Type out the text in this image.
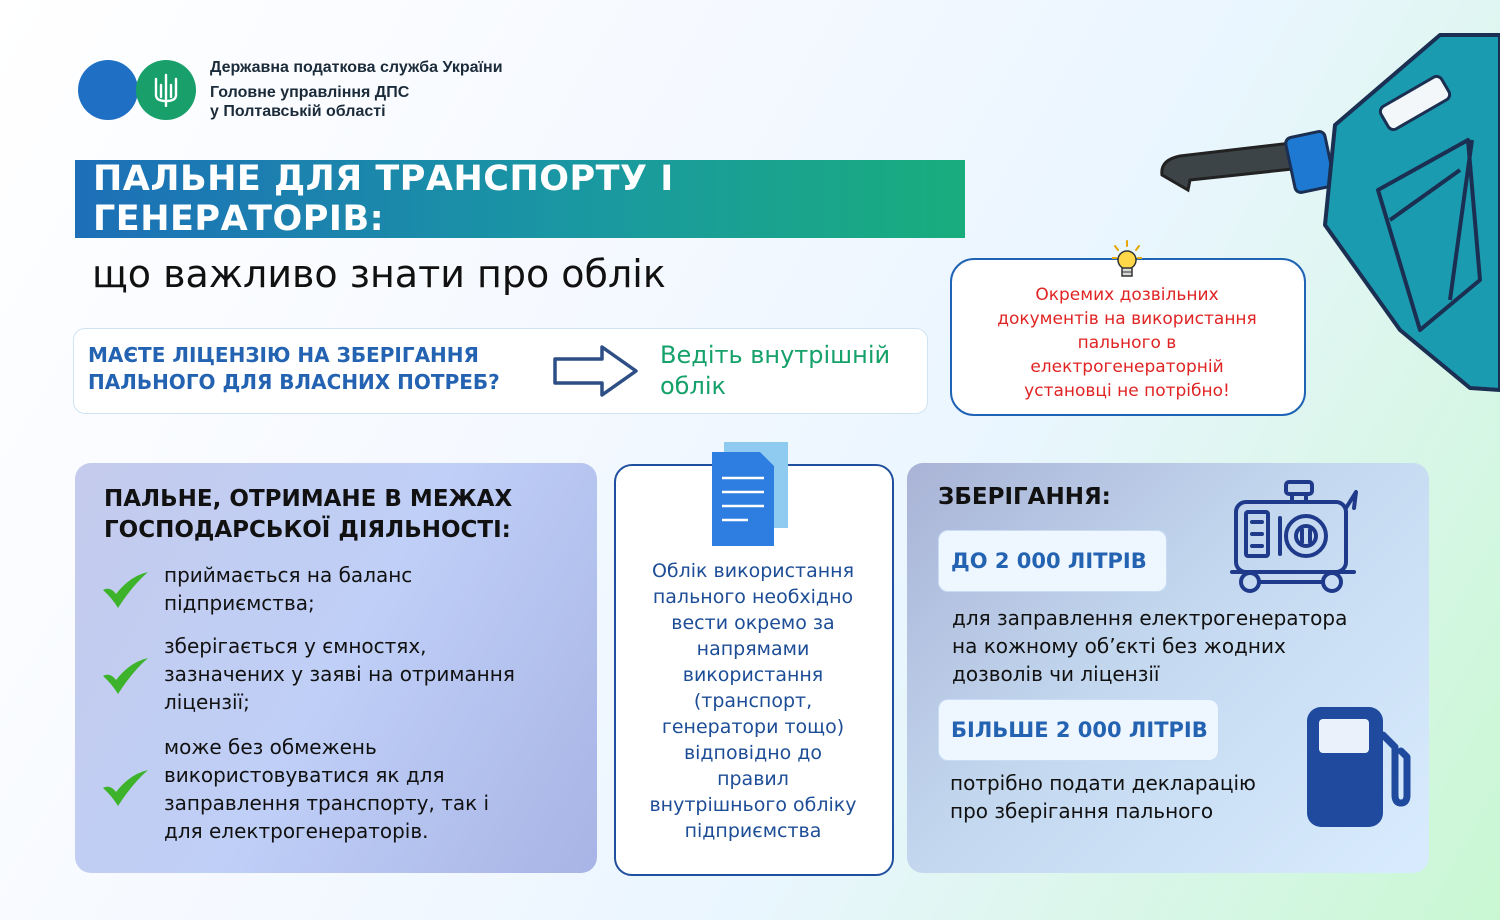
Державна податкова служба України
Головне управління ДПС
у Полтавській області
ПАЛЬНЕ ДЛЯ ТРАНСПОРТУ І ГЕНЕРАТОРІВ:
що важливо знати про облік
МАЄТЕ ЛІЦЕНЗІЮ НА ЗБЕРІГАННЯ
ПАЛЬНОГО ДЛЯ ВЛАСНИХ ПОТРЕБ?
Ведіть внутрішній
облік
Окремих дозвільних
документів на використання
пального в
електрогенераторній
установці не потрібно!
ПАЛЬНЕ, ОТРИМАНЕ В МЕЖАХ
ГОСПОДАРСЬКОЇ ДІЯЛЬНОСТІ:
приймається на баланс
підприємства;
зберігається у ємностях,
зазначених у заяві на отримання
ліцензії;
може без обмежень
використовуватися як для
заправлення транспорту, так і
для електрогенераторів.
Облік використання
пального необхідно
вести окремо за
напрямами
використання
(транспорт,
генератори тощо)
відповідно до
правил
внутрішнього обліку
підприємства
ЗБЕРІГАННЯ:
ДО 2 000 ЛІТРІВ
для заправлення електрогенератора
на кожному об’єкті без жодних
дозволів чи ліцензії
БІЛЬШЕ 2 000 ЛІТРІВ
потрібно подати декларацію
про зберігання пального
